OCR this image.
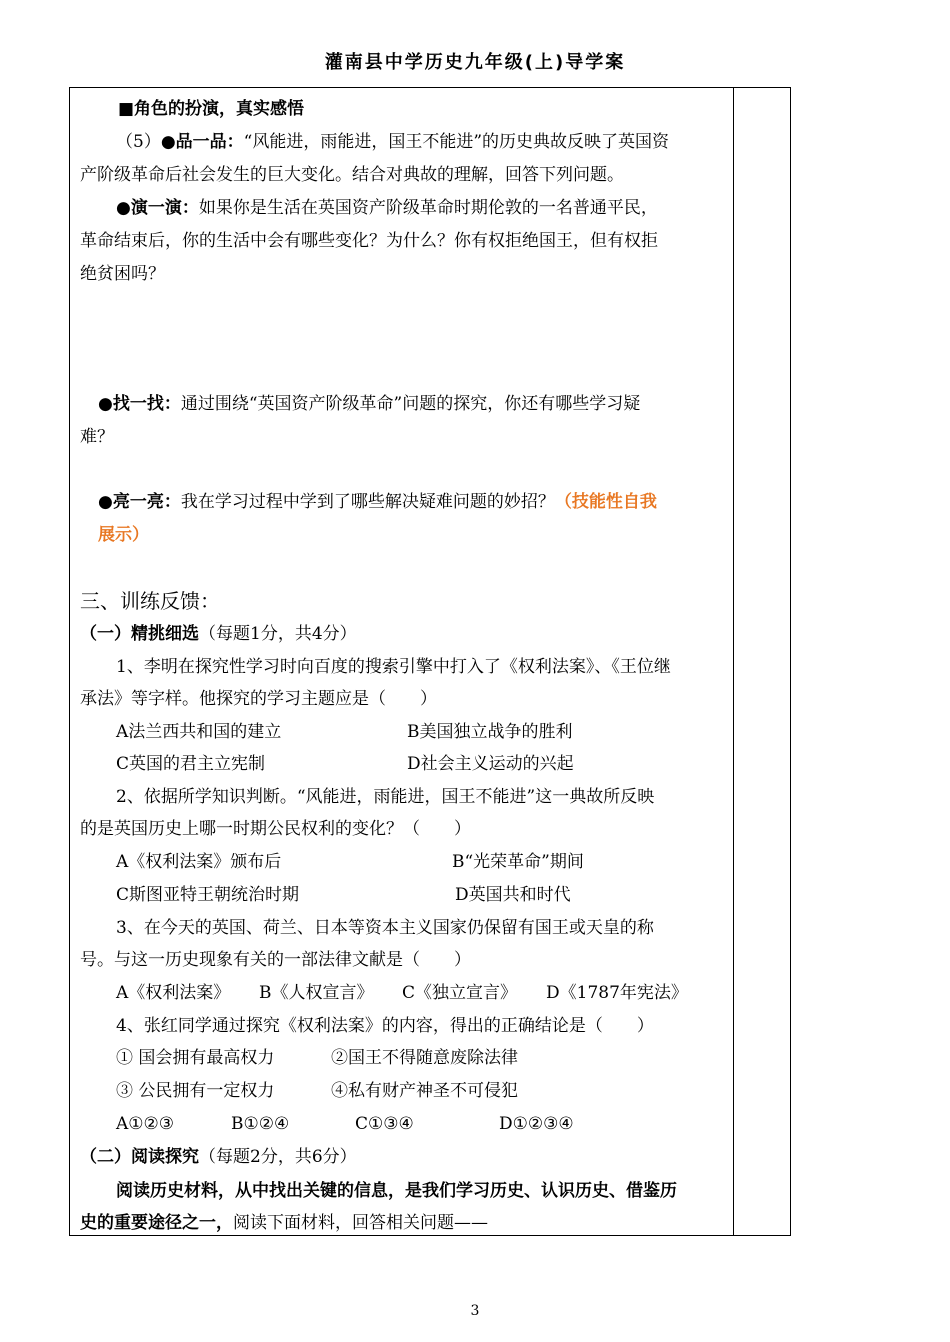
灌南县中学历史九年级(上)导学案
■角色的扮演，真实感悟
（5）●品一品：“风能进，雨能进，国王不能进”的历史典故反映了英国资
产阶级革命后社会发生的巨大变化。结合对典故的理解，回答下列问题。
●演一演：如果你是生活在英国资产阶级革命时期伦敦的一名普通平民，
革命结束后，你的生活中会有哪些变化？为什么？你有权拒绝国王，但有权拒
绝贫困吗？
●找一找：通过围绕“英国资产阶级革命”问题的探究，你还有哪些学习疑
难？
●亮一亮：我在学习过程中学到了哪些解决疑难问题的妙招？（技能性自我
展示）
三、训练反馈：
（一）精挑细选（每题1分，共4分）
1、李明在探究性学习时向百度的搜索引擎中打入了《权利法案》、《王位继
承法》等字样。他探究的学习主题应是（　　）
A法兰西共和国的建立	B美国独立战争的胜利
C英国的君主立宪制	D社会主义运动的兴起
2、依据所学知识判断。“风能进，雨能进，国王不能进”这一典故所反映
的是英国历史上哪一时期公民权利的变化？（　　）
A《权利法案》颁布后	B“光荣革命”期间
C斯图亚特王朝统治时期	D英国共和时代
3、在今天的英国、荷兰、日本等资本主义国家仍保留有国王或天皇的称
号。与这一历史现象有关的一部法律文献是（　　）
A《权利法案》 B《人权宣言》 C《独立宣言》 D《1787年宪法》
4、张红同学通过探究《权利法案》的内容，得出的正确结论是（　　）
① 国会拥有最高权力	②国王不得随意废除法律
③ 公民拥有一定权力	④私有财产神圣不可侵犯
A①②③	B①②④	C①③④	D①②③④
（二）阅读探究（每题2分，共6分）
阅读历史材料，从中找出关键的信息，是我们学习历史、认识历史、借鉴历
史的重要途径之一，阅读下面材料，回答相关问题——
3
